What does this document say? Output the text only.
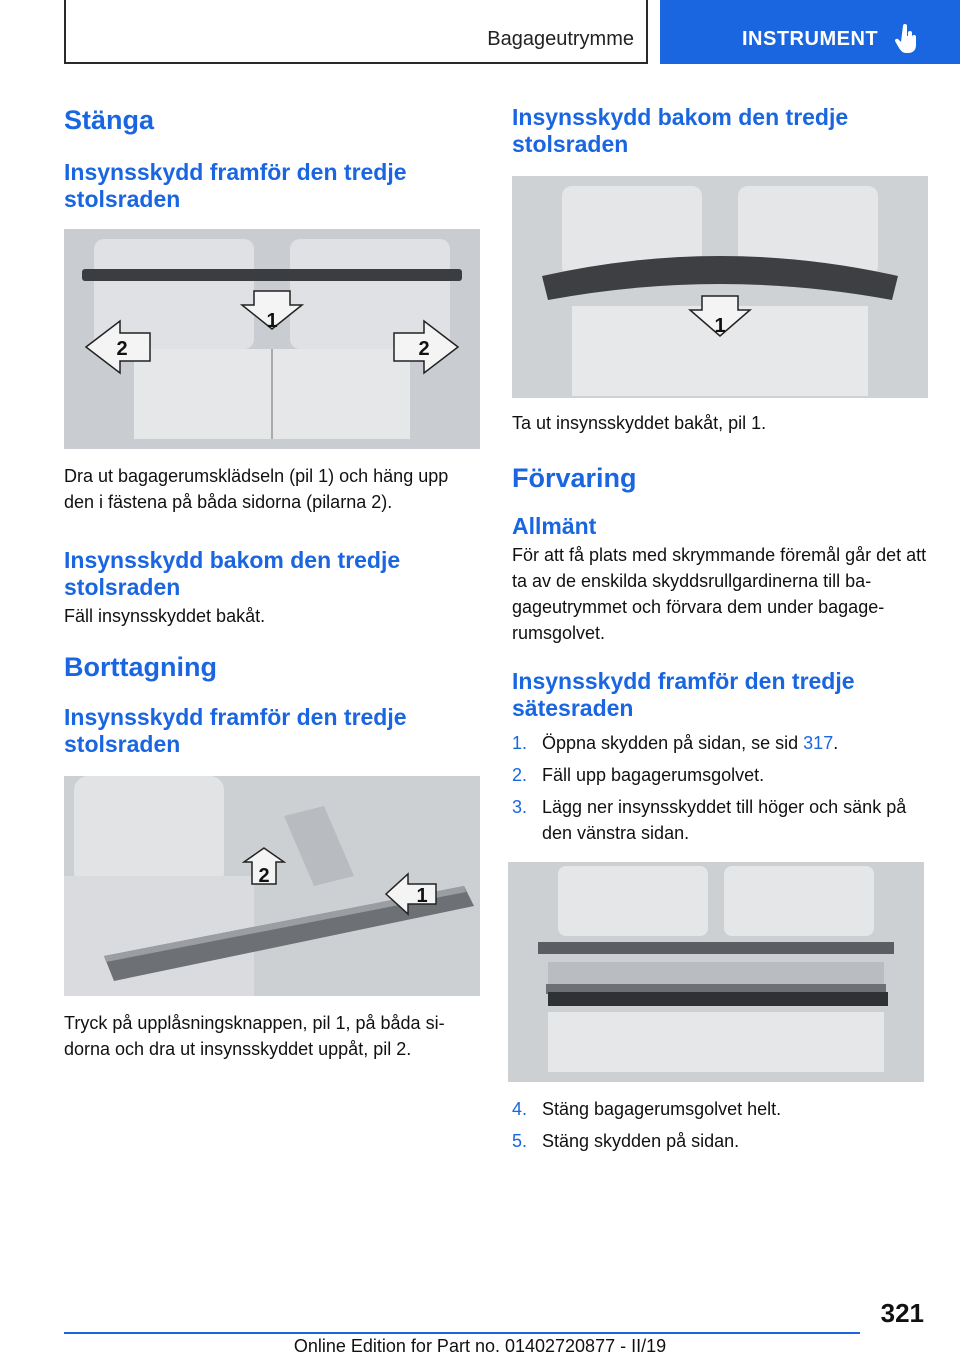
Bagageutrymme	INSTRUMENT
Stänga
Insynsskydd framför den tredje stolsraden
1
2	2

Dra ut bagagerumsklädseln (pil 1) och häng upp den i fästena på båda sidorna (pilarna 2).

Insynsskydd bakom den tredje stolsraden

Fäll insynsskyddet bakåt.

Borttagning
Insynsskydd framför den tredje stolsraden
2
1

Tryck på upplåsningsknappen, pil 1, på båda sidorna och dra ut insynsskyddet uppåt, pil 2.

Insynsskydd bakom den tredje stolsraden
1

Ta ut insynsskyddet bakåt, pil 1.

Förvaring
Allmänt

För att få plats med skrymmande föremål går det att ta av de enskilda skyddsrullgardinerna till bagageutrymmet och förvara dem under bagagerumsgolvet.

Insynsskydd framför den tredje sätesraden
1. Öppna skydden på sidan, se sid 317.
2. Fäll upp bagagerumsgolvet.
3. Lägg ner insynsskyddet till höger och sänk på den vänstra sidan.
4. Stäng bagagerumsgolvet helt.
5. Stäng skydden på sidan.
321
Online Edition for Part no. 01402720877 - II/19
